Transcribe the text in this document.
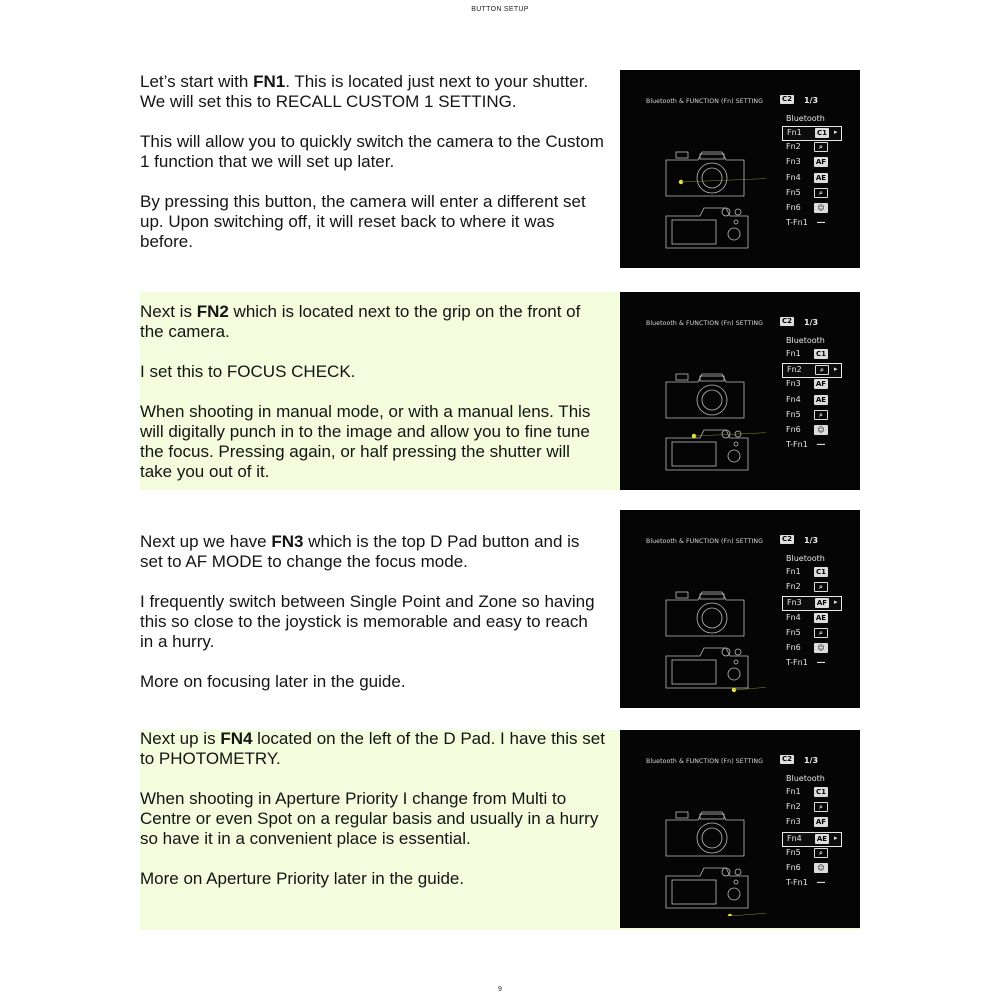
BUTTON SETUP

Let’s start with FN1. This is located just next to your shutter. We will set this to RECALL CUSTOM 1 SETTING.

This will allow you to quickly switch the camera to the Custom 1 function that we will set up later.

By pressing this button, the camera will enter a different set up. Upon switching off, it will reset back to where it was before.

Next is FN2 which is located next to the grip on the front of the camera.

I set this to FOCUS CHECK.

When shooting in manual mode, or with a manual lens. This will digitally punch in to the image and allow you to fine tune the focus. Pressing again, or half pressing the shutter will take you out of it.

Next up we have FN3 which is the top D Pad button and is set to AF MODE to change the focus mode.

I frequently switch between Single Point and Zone so having this so close to the joystick is memorable and easy to reach in a hurry.

More on focusing later in the guide.

Next up is FN4 located on the left of the D Pad. I have this set to PHOTOMETRY.

When shooting in Aperture Priority I change from Multi to Centre or even Spot on a regular basis and usually in a hurry so have it in a convenient place is essential.

More on Aperture Priority later in the guide.

Bluetooth & FUNCTION (Fn) SETTING	C2 1/3
Bluetooth
Fn1 C1 ▸
Fn2	⌕
Fn3 AF
Fn4 AE
Fn5	⌕
Fn6	☺
T-Fn1 —
Bluetooth & FUNCTION (Fn) SETTING	C2 1/3
Bluetooth
Fn1 C1
Fn2	⌕	▸
Fn3 AF
Fn4 AE
Fn5	⌕
Fn6	☺
T-Fn1 —
Bluetooth & FUNCTION (Fn) SETTING	C2 1/3
Bluetooth
Fn1 C1
Fn2	⌕
Fn3 AF ▸
Fn4 AE
Fn5	⌕
Fn6	☺
T-Fn1 —
Bluetooth & FUNCTION (Fn) SETTING	C2 1/3
Bluetooth
Fn1 C1
Fn2	⌕
Fn3 AF
Fn4 AE ▸
Fn5	⌕
Fn6	☺
T-Fn1 —
9
